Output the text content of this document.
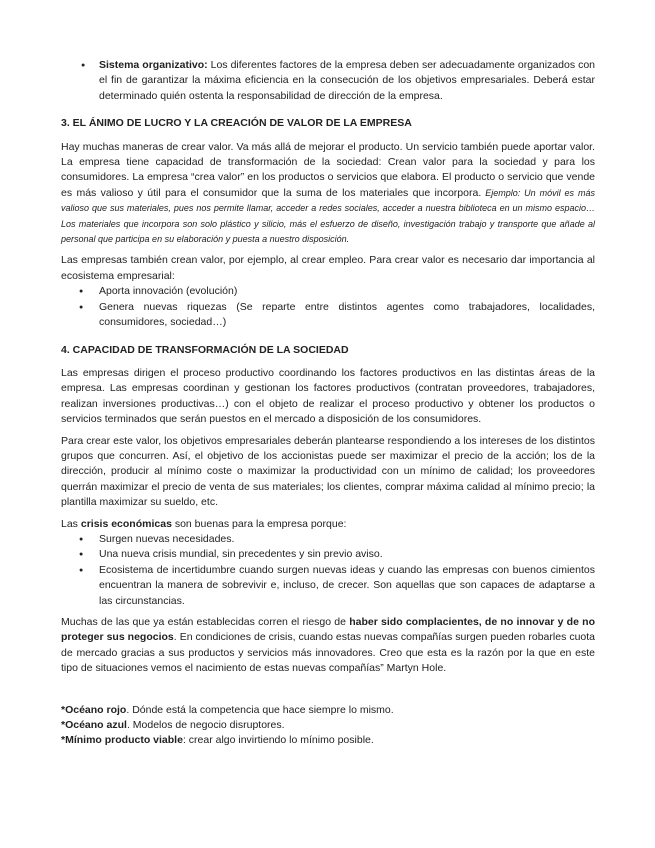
● Sistema organizativo: Los diferentes factores de la empresa deben ser adecuadamente organizados con el fin de garantizar la máxima eficiencia en la consecución de los objetivos empresariales. Deberá estar determinado quién ostenta la responsabilidad de dirección de la empresa.
3. EL ÁNIMO DE LUCRO Y LA CREACIÓN DE VALOR DE LA EMPRESA

Hay muchas maneras de crear valor. Va más allá de mejorar el producto. Un servicio también puede aportar valor. La empresa tiene capacidad de transformación de la sociedad: Crean valor para la sociedad y para los consumidores. La empresa “crea valor” en los productos o servicios que elabora. El producto o servicio que vende es más valioso y útil para el consumidor que la suma de los materiales que incorpora. Ejemplo: Un móvil es más valioso que sus materiales, pues nos permite llamar, acceder a redes sociales, acceder a nuestra biblioteca en un mismo espacio… Los materiales que incorpora son solo plástico y silicio, más el esfuerzo de diseño, investigación trabajo y transporte que añade al personal que participa en su elaboración y puesta a nuestro disposición.

Las empresas también crean valor, por ejemplo, al crear empleo. Para crear valor es necesario dar importancia al ecosistema empresarial:

● Aporta innovación (evolución)
● Genera nuevas riquezas (Se reparte entre distintos agentes como trabajadores, localidades, consumidores, sociedad…)
4. CAPACIDAD DE TRANSFORMACIÓN DE LA SOCIEDAD

Las empresas dirigen el proceso productivo coordinando los factores productivos en las distintas áreas de la empresa. Las empresas coordinan y gestionan los factores productivos (contratan proveedores, trabajadores, realizan inversiones productivas…) con el objeto de realizar el proceso productivo y obtener los productos o servicios terminados que serán puestos en el mercado a disposición de los consumidores.

Para crear este valor, los objetivos empresariales deberán plantearse respondiendo a los intereses de los distintos grupos que concurren. Así, el objetivo de los accionistas puede ser maximizar el precio de la acción; los de la dirección, producir al mínimo coste o maximizar la productividad con un mínimo de calidad; los proveedores querrán maximizar el precio de venta de sus materiales; los clientes, comprar máxima calidad al mínimo precio; la plantilla maximizar su sueldo, etc.

Las crisis económicas son buenas para la empresa porque:

● Surgen nuevas necesidades.
● Una nueva crisis mundial, sin precedentes y sin previo aviso.
● Ecosistema de incertidumbre cuando surgen nuevas ideas y cuando las empresas con buenos cimientos encuentran la manera de sobrevivir e, incluso, de crecer. Son aquellas que son capaces de adaptarse a las circunstancias.

Muchas de las que ya están establecidas corren el riesgo de haber sido complacientes, de no innovar y de no proteger sus negocios. En condiciones de crisis, cuando estas nuevas compañías surgen pueden robarles cuota de mercado gracias a sus productos y servicios más innovadores. Creo que esta es la razón por la que en este tipo de situaciones vemos el nacimiento de estas nuevas compañías” Martyn Hole.

*Océano rojo. Dónde está la competencia que hace siempre lo mismo.

*Océano azul. Modelos de negocio disruptores.

*Mínimo producto viable: crear algo invirtiendo lo mínimo posible.
